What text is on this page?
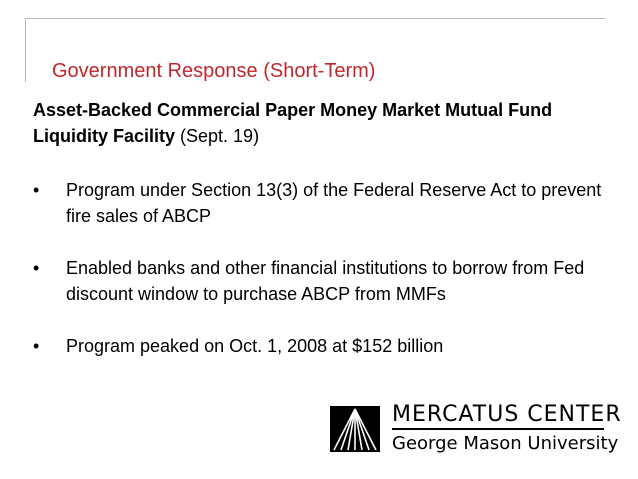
Government Response (Short-Term)
Asset-Backed Commercial Paper Money Market Mutual Fund Liquidity Facility (Sept. 19)
• Program under Section 13(3) of the Federal Reserve Act to prevent fire sales of ABCP
• Enabled banks and other financial institutions to borrow from Fed discount window to purchase ABCP from MMFs
• Program peaked on Oct. 1, 2008 at $152 billion
MERCATUS CENTER
George Mason University
